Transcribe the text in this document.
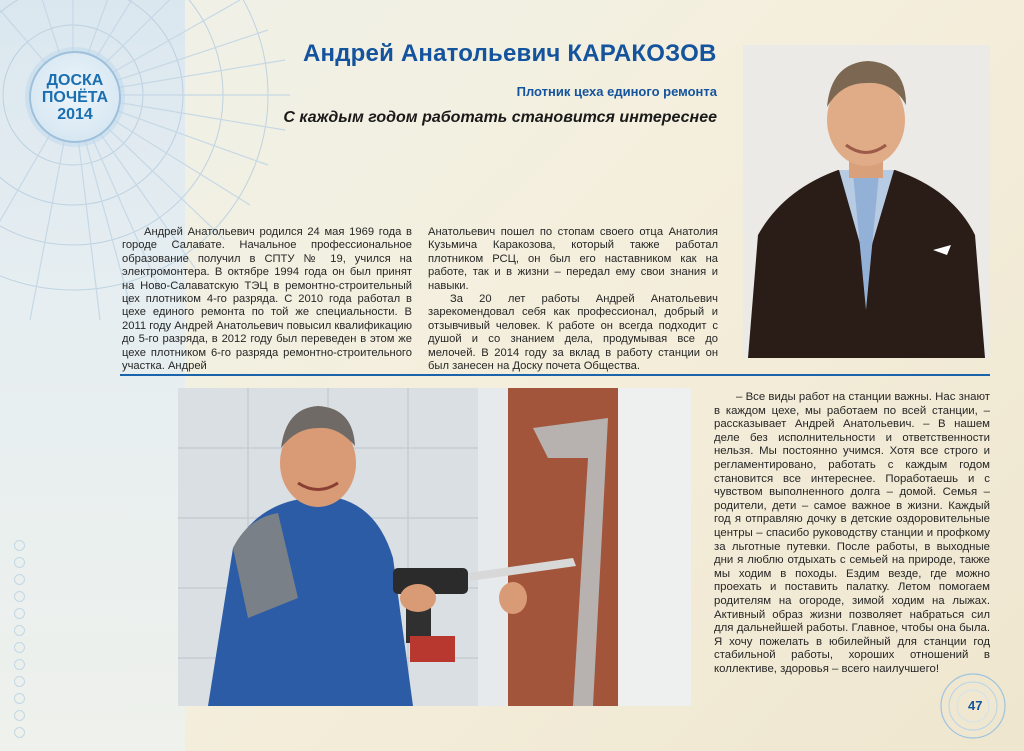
ДОСКА
ПОЧЁТА
2014
Андрей Анатольевич КАРАКОЗОВ
Плотник цеха единого ремонта
С каждым годом работать становится интереснее

Андрей Анатольевич родился 24 мая 1969 года в городе Салавате. Начальное профессиональное образование получил в СПТУ № 19, учился на электромонтера. В октябре 1994 года он был принят на Ново-Салаватскую ТЭЦ в ремонтно-строительный цех плотником 4-го разряда. С 2010 года работал в цехе единого ремонта по той же специальности. В 2011 году Андрей Анатольевич повысил квалификацию до 5-го разряда, в 2012 году был переведен в этом же цехе плотником 6-го разряда ремонтно-строительного участка. Андрей

Анатольевич пошел по стопам своего отца Анатолия Кузьмича Каракозова, который также работал плотником РСЦ, он был его наставником как на работе, так и в жизни – передал ему свои знания и навыки.

За 20 лет работы Андрей Анатольевич зарекомендовал себя как профессионал, добрый и отзывчивый человек. К работе он всегда подходит с душой и со знанием дела, продумывая все до мелочей. В 2014 году за вклад в работу станции он был занесен на Доску почета Общества.

– Все виды работ на станции важны. Нас знают в каждом цехе, мы работаем по всей станции, – рассказывает Андрей Анатольевич. – В нашем деле без исполнительности и ответственности нельзя. Мы постоянно учимся. Хотя все строго и регламентировано, работать с каждым годом становится все интереснее. Поработаешь и с чувством выполненного долга – домой. Семья – родители, дети – самое важное в жизни. Каждый год я отправляю дочку в детские оздоровительные центры – спасибо руководству станции и профкому за льготные путевки. После работы, в выходные дни я люблю отдыхать с семьей на природе, также мы ходим в походы. Ездим везде, где можно проехать и поставить палатку. Летом помогаем родителям на огороде, зимой ходим на лыжах. Активный образ жизни позволяет набраться сил для дальнейшей работы. Главное, чтобы она была. Я хочу пожелать в юбилейный для станции год стабильной работы, хороших отношений в коллективе, здоровья – всего наилучшего!

47
